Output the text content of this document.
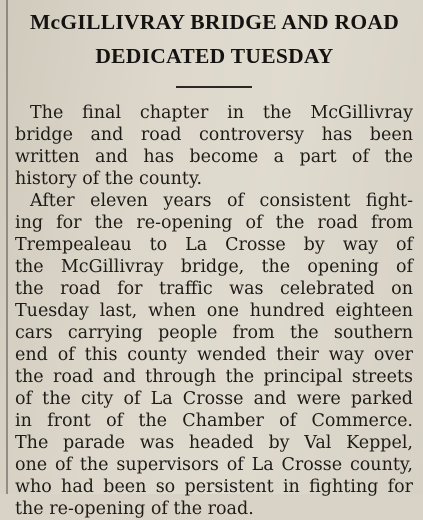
McGILLIVRAY BRIDGE AND ROAD
DEDICATED TUESDAY
The final chapter in the McGillivray
bridge and road controversy has been
written and has become a part of the
history of the county.
After eleven years of consistent fight-
ing for the re-opening of the road from
Trempealeau to La Crosse by way of
the McGillivray bridge, the opening of
the road for traffic was celebrated on
Tuesday last, when one hundred eighteen
cars carrying people from the southern
end of this county wended their way over
the road and through the principal streets
of the city of La Crosse and were parked
in front of the Chamber of Commerce.
The parade was headed by Val Keppel,
one of the supervisors of La Crosse county,
who had been so persistent in fighting for
the re-opening of the road.
